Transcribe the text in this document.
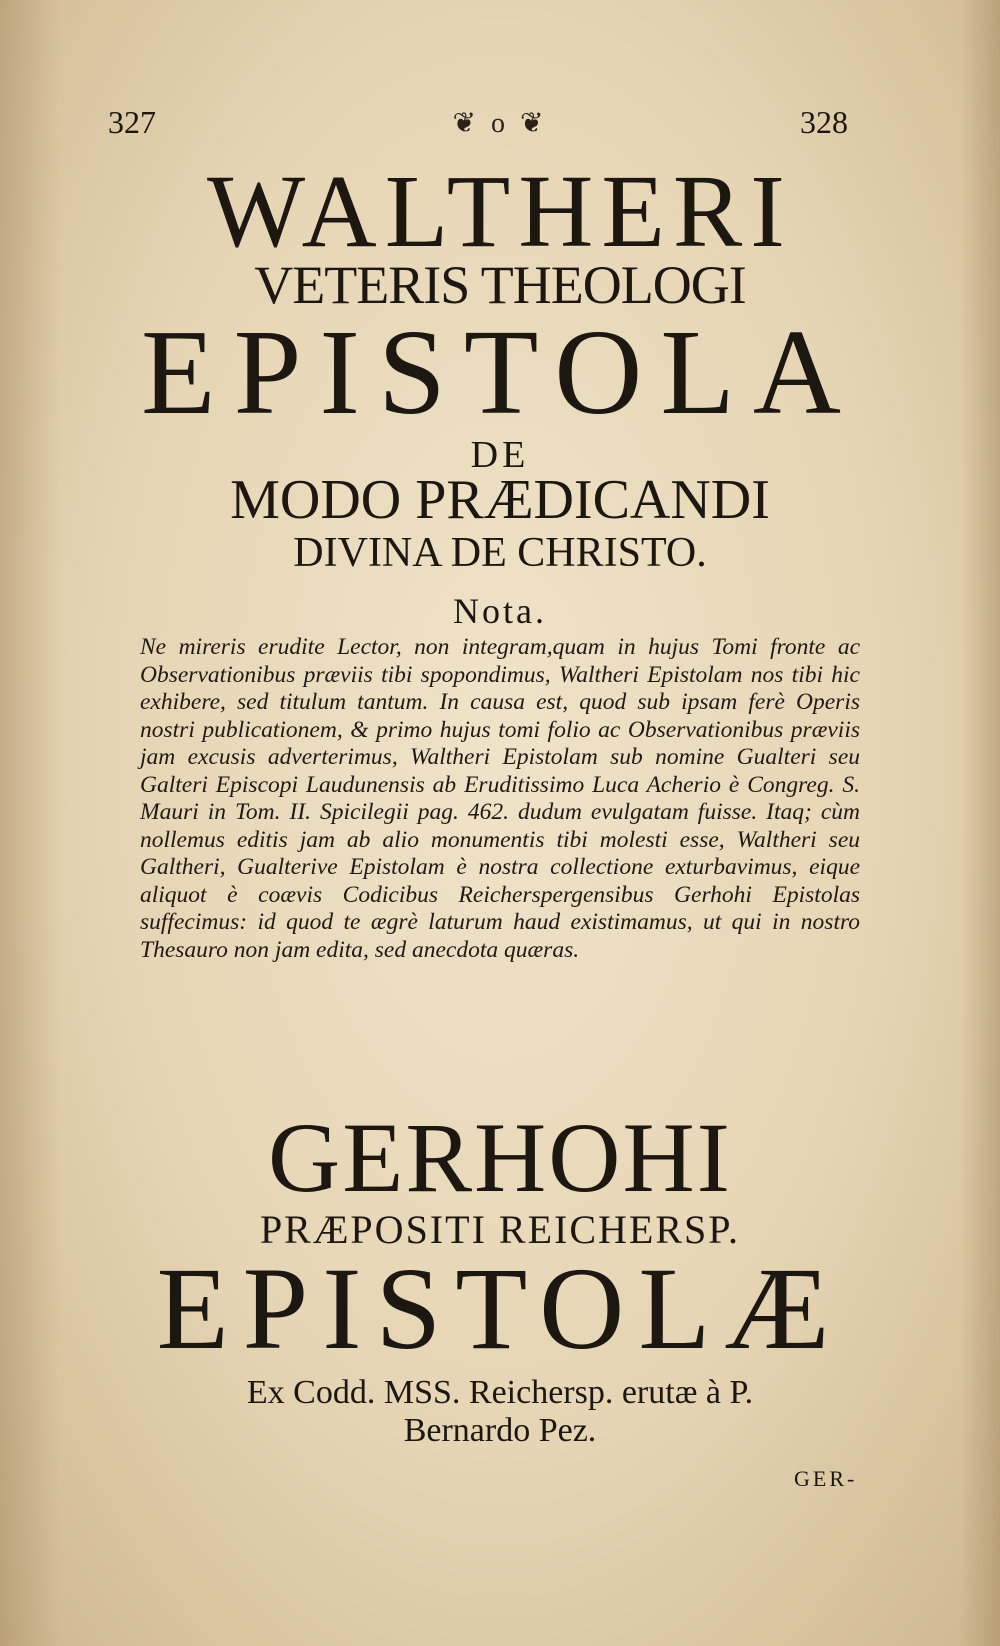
327	❦ o ❦	328
WALTHERI
VETERIS THEOLOGI
EPISTOLA
DE
MODO PRÆDICANDI
DIVINA DE CHRISTO.
Nota.
Ne mireris erudite Lector, non integram,quam in hujus Tomi fronte ac Observationibus præviis tibi spopondimus, Waltheri Epistolam nos tibi hic exhibere, sed titulum tantum. In causa est, quod sub ipsam ferè Operis nostri publicationem, & primo hujus tomi folio ac Observationibus præviis jam excusis adverterimus, Waltheri Epistolam sub nomine Gualteri seu Galteri Episcopi Laudunensis ab Eruditissimo Luca Acherio è Congreg. S. Mauri in Tom. II. Spicilegii pag. 462. dudum evulgatam fuisse. Itaq; cùm nollemus editis jam ab alio monumentis tibi molesti esse, Waltheri seu Galtheri, Gualterive Epistolam è nostra collectione exturbavimus, eique aliquot è coævis Codicibus Reicherspergensibus Gerhohi Epistolas suffecimus: id quod te ægrè laturum haud existimamus, ut qui in nostro Thesauro non jam edita, sed anecdota quæras.
GERHOHI
PRÆPOSITI REICHERSP.
EPISTOLÆ
Ex Codd. MSS. Reichersp. erutæ à P.
Bernardo Pez.
GER-
